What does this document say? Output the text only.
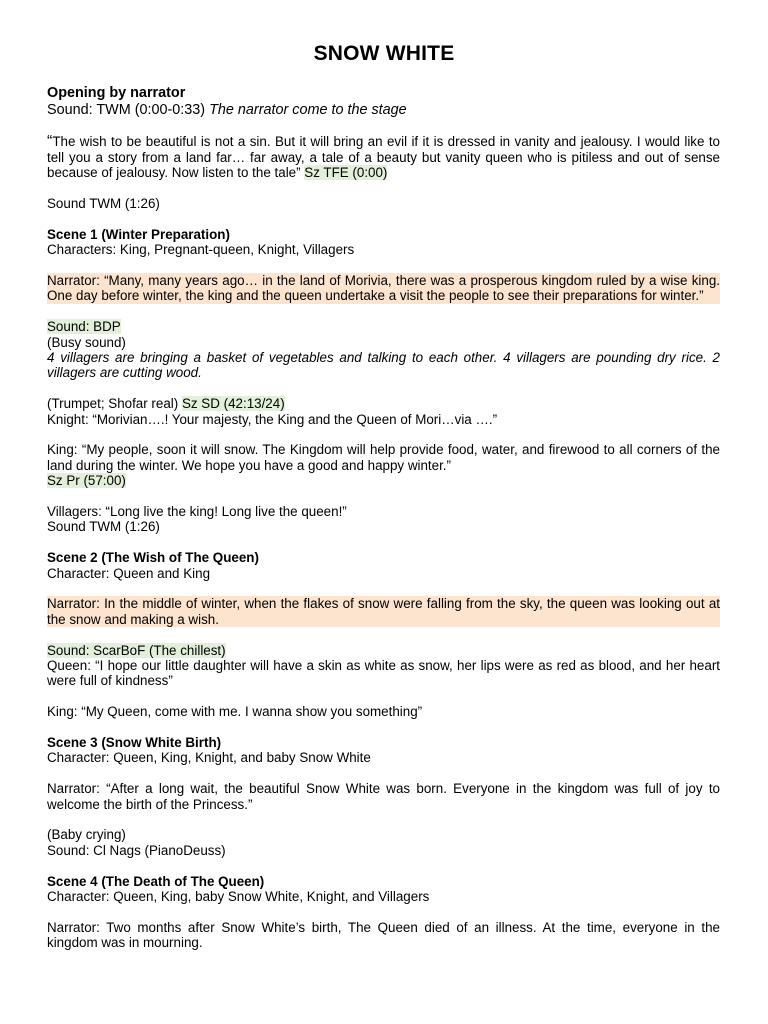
SNOW WHITE

Opening by narrator

Sound: TWM (0:00-0:33) The narrator come to the stage

“The wish to be beautiful is not a sin. But it will bring an evil if it is dressed in vanity and jealousy. I would like to tell you a story from a land far… far away, a tale of a beauty but vanity queen who is pitiless and out of sense because of jealousy. Now listen to the tale” Sz TFE (0:00)

Sound TWM (1:26)

Scene 1 (Winter Preparation)

Characters: King, Pregnant-queen, Knight, Villagers

Narrator: “Many, many years ago… in the land of Morivia, there was a prosperous kingdom ruled by a wise king. One day before winter, the king and the queen undertake a visit the people to see their preparations for winter.”

Sound: BDP

(Busy sound)

4 villagers are bringing a basket of vegetables and talking to each other. 4 villagers are pounding dry rice. 2 villagers are cutting wood.

(Trumpet; Shofar real) Sz SD (42:13/24)

Knight: “Morivian….! Your majesty, the King and the Queen of Mori…via ….”

King: “My people, soon it will snow. The Kingdom will help provide food, water, and firewood to all corners of the land during the winter. We hope you have a good and happy winter.”

Sz Pr (57:00)

Villagers: “Long live the king! Long live the queen!”

Sound TWM (1:26)

Scene 2 (The Wish of The Queen)

Character: Queen and King

Narrator: In the middle of winter, when the flakes of snow were falling from the sky, the queen was looking out at the snow and making a wish.

Sound: ScarBoF (The chillest)

Queen: “I hope our little daughter will have a skin as white as snow, her lips were as red as blood, and her heart were full of kindness”

King: “My Queen, come with me. I wanna show you something”

Scene 3 (Snow White Birth)

Character: Queen, King, Knight, and baby Snow White

Narrator: “After a long wait, the beautiful Snow White was born. Everyone in the kingdom was full of joy to welcome the birth of the Princess.”

(Baby crying)

Sound: Cl Nags (PianoDeuss)

Scene 4 (The Death of The Queen)

Character: Queen, King, baby Snow White, Knight, and Villagers

Narrator: Two months after Snow White’s birth, The Queen died of an illness. At the time, everyone in the kingdom was in mourning.
